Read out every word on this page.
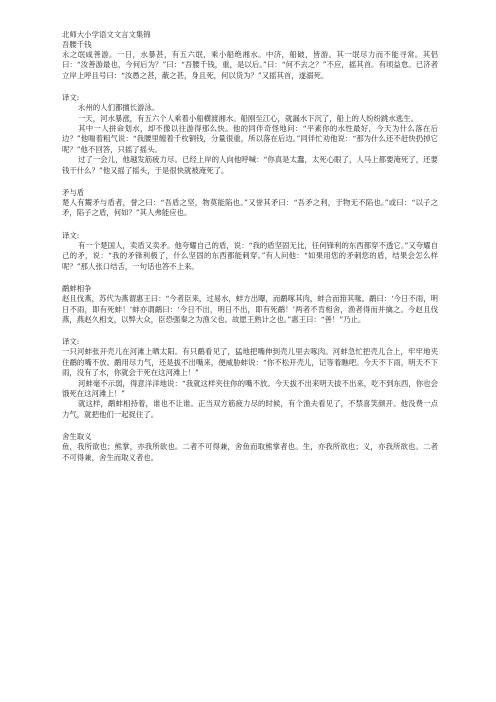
北师大小学语文文言文集锦

吾腰千钱

永之氓咸善游。一日，水暴甚，有五六氓，乘小船绝湘水。中济，船破，皆游。其一氓尽力而不能寻常。其侣曰：“汝善游最也，今何后为？”曰：“吾腰千钱，重，是以后。”曰：“何不去之？”不应，摇其首。有顷益怠。已济者立岸上呼且号曰：“汝愚之甚，蔽之甚，身且死，何以货为？”又摇其首，遂溺死。

译文:

永州的人们都擅长游泳。

一天，河水暴涨，有五六个人乘着小船横渡湘水。船刚至江心，就漏水下沉了，船上的人纷纷跳水逃生。

其中一人拼命划水，却不像以往游得那么快。他的同伴奇怪地问：“平素你的水性最好，今天为什么落在后边？”他喘着粗气说：“我腰里缠着千枚铜钱，分量很重，所以落在后边。”同伴忙劝他说：“那为什么还不赶快扔掉它呢？”他不回答，只摇了摇头。

过了一会儿，他越发筋疲力尽。已经上岸的人向他呼喊：“你真是太蠢，太死心眼了，人马上都要淹死了，还要钱干什么？”他又摇了摇头，于是很快就被淹死了。

矛与盾

楚人有鬻矛与盾者，誉之曰：“吾盾之坚，物莫能陷也。”又誉其矛曰：“吾矛之利，于物无不陷也。”或曰：“以子之矛，陷子之盾，何如？”其人弗能应也。

译文:

有一个楚国人，卖盾又卖矛。他夸耀自己的盾，说：“我的盾坚固无比，任何锋利的东西都穿不透它。”又夸耀自己的矛，说：“我的矛锋利极了，什么坚固的东西都能刺穿。”有人问他：“如果用您的矛刺您的盾，结果会怎么样呢？”那人张口结舌，一句话也答不上来。

鹬蚌相争

赵且伐燕，苏代为燕谓惠王曰：“今者臣来，过易水，蚌方出曝，而鹬啄其肉，蚌合而箝其喙。鹬曰：‘今日不雨，明日不雨，即有死蚌！’蚌亦谓鹬曰：‘今日不出，明日不出，即有死鹬！’两者不肯相舍，渔者得而并擒之。今赵且伐燕，燕赵久相支，以弊大众，臣恐强秦之为渔父也。故愿王熟计之也。”惠王曰：“善！”乃止。

译文:

一只河蚌张开壳儿在河滩上晒太阳。有只鹬看见了，猛地把嘴伸到壳儿里去啄肉。河蚌急忙把壳儿合上，牢牢地夹住鹬的嘴不放。鹬用尽力气，还是拔不出嘴来，便威胁蚌说：“你不松开壳儿，记等着瞧吧。今天不下雨，明天不下雨，没有了水，你就会干死在这河滩上！”

河蚌毫不示弱，得意洋洋地说：“我就这样夹住你的嘴不放。今天拔不出来明天拔不出来，吃不到东西，你也会饿死在这河滩上！”

就这样，鹬蚌相持着，谁也不让谁。正当双方筋疲力尽的时候，有个渔夫看见了，不禁喜笑颜开。他没费一点力气，就把他们一起捉住了。

舍生取义

鱼，我所欲也；熊掌，亦我所欲也。二者不可得兼，舍鱼而取熊掌者也。生，亦我所欲也；义，亦我所欲也。二者不可得兼，舍生而取义者也。
